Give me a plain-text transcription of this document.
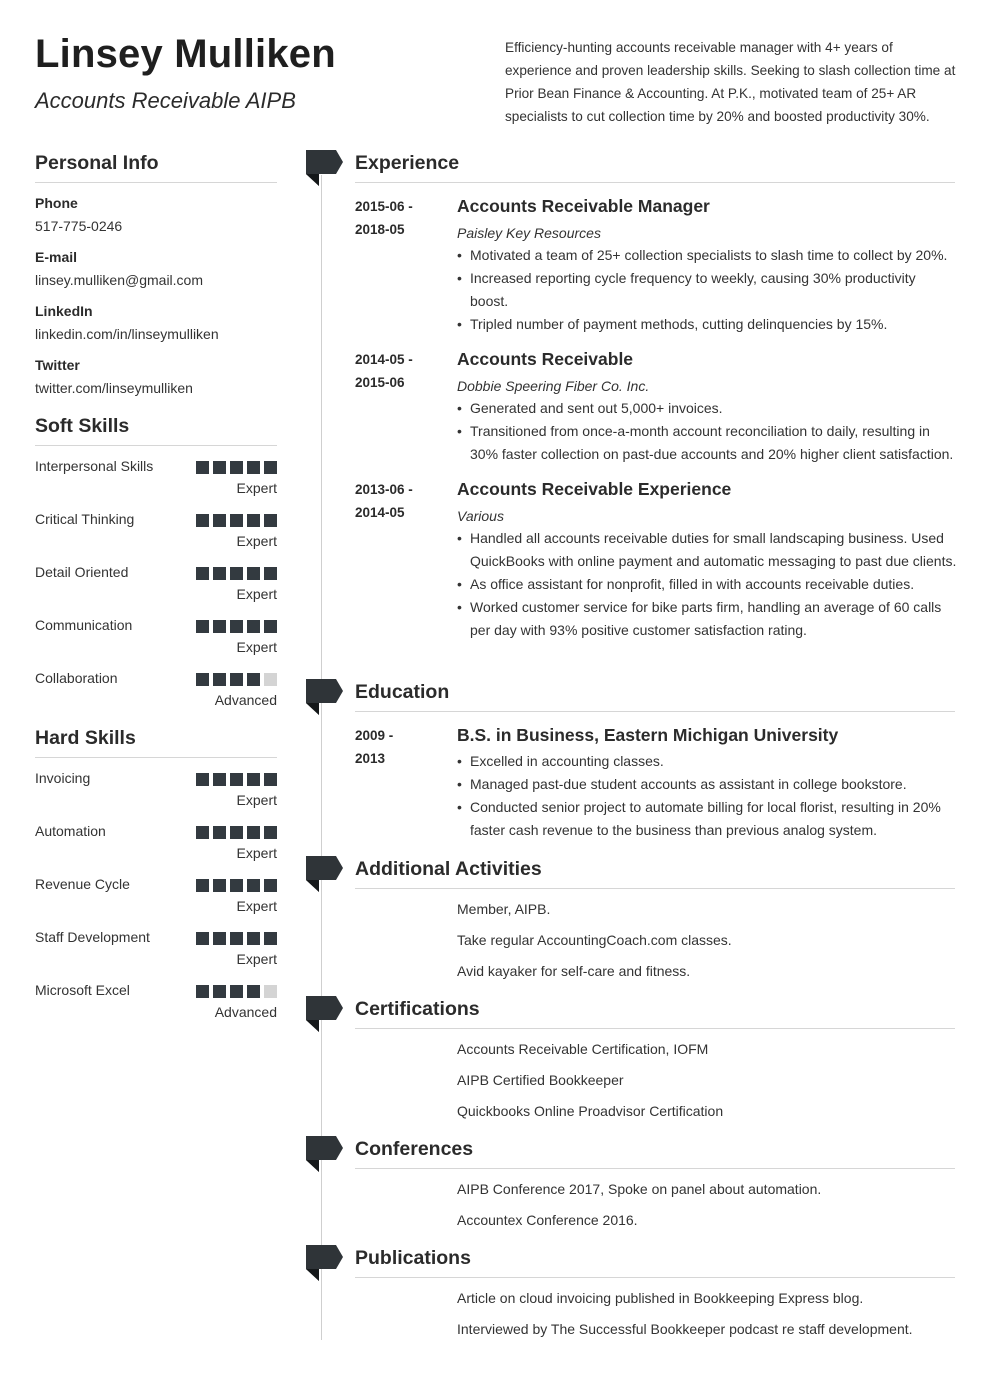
Linsey Mulliken
Accounts Receivable AIPB
Efficiency-hunting accounts receivable manager with 4+ years of experience and proven leadership skills. Seeking to slash collection time at Prior Bean Finance & Accounting. At P.K., motivated team of 25+ AR specialists to cut collection time by 20% and boosted productivity 30%.
Personal Info
Phone
517-775-0246
E-mail
linsey.mulliken@gmail.com
LinkedIn
linkedin.com/in/linseymulliken
Twitter
twitter.com/linseymulliken
Soft Skills
Interpersonal Skills
Expert
Critical Thinking
Expert
Detail Oriented
Expert
Communication
Expert
Collaboration
Advanced
Hard Skills
Invoicing
Expert
Automation
Expert
Revenue Cycle
Expert
Staff Development
Expert
Microsoft Excel
Advanced
Experience
2015-06 -
2018-05
Accounts Receivable Manager
Paisley Key Resources
• Motivated a team of 25+ collection specialists to slash time to collect by 20%.
• Increased reporting cycle frequency to weekly, causing 30% productivity boost.
• Tripled number of payment methods, cutting delinquencies by 15%.
2014-05 -
2015-06
Accounts Receivable
Dobbie Speering Fiber Co. Inc.
• Generated and sent out 5,000+ invoices.
• Transitioned from once-a-month account reconciliation to daily, resulting in 30% faster collection on past-due accounts and 20% higher client satisfaction.
2013-06 -
2014-05
Accounts Receivable Experience
Various
• Handled all accounts receivable duties for small landscaping business. Used QuickBooks with online payment and automatic messaging to past due clients.
• As office assistant for nonprofit, filled in with accounts receivable duties.
• Worked customer service for bike parts firm, handling an average of 60 calls per day with 93% positive customer satisfaction rating.
Education
2009 -
2013
B.S. in Business, Eastern Michigan University
• Excelled in accounting classes.
• Managed past-due student accounts as assistant in college bookstore.
• Conducted senior project to automate billing for local florist, resulting in 20% faster cash revenue to the business than previous analog system.
Additional Activities
Member, AIPB.
Take regular AccountingCoach.com classes.
Avid kayaker for self-care and fitness.
Certifications
Accounts Receivable Certification, IOFM
AIPB Certified Bookkeeper
Quickbooks Online Proadvisor Certification
Conferences
AIPB Conference 2017, Spoke on panel about automation.
Accountex Conference 2016.
Publications
Article on cloud invoicing published in Bookkeeping Express blog.
Interviewed by The Successful Bookkeeper podcast re staff development.
